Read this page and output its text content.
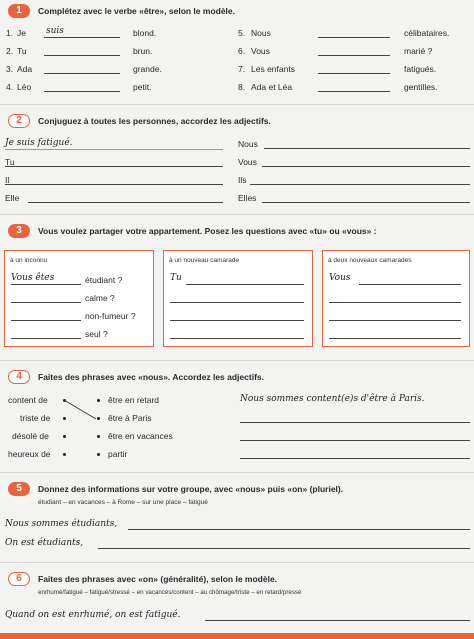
1	Complétez avec le verbe «être», selon le modèle.
1. Je suis	blond.
2. Tu	brun.
3. Ada	grande.
4. Léo	petit.
5. Nous	célibataires.
6. Vous	marié ?
7. Les enfants	fatigués.
8. Ada et Léa	gentilles.
2	Conjuguez à toutes les personnes, accordez les adjectifs.
Je suis fatigué.
Tu
Il
Elle
Nous
Vous
Ils
Elles
3	Vous voulez partager votre appartement. Posez les questions avec «tu» ou «vous» :
à un inconnu
Vous êtes	étudiant ?
calme ?
non-fumeur ?
seul ?
à un nouveau camarade
Tu
à deux nouveaux camarades
Vous
4	Faites des phrases avec «nous». Accordez les adjectifs.
content de
triste de
désolé de
heureux de
être en retard
être à Paris
être en vacances
partir
Nous sommes content(e)s d'être à Paris.
5	Donnez des informations sur votre groupe, avec «nous» puis «on» (pluriel).
étudiant – en vacances – à Rome – sur une place – fatigué
Nous sommes étudiants,
On est étudiants,
6	Faites des phrases avec «on» (généralité), selon le modèle.
enrhumé/fatigué – fatigué/stressé – en vacances/content – au chômage/triste – en retard/pressé
Quand on est enrhumé, on est fatigué.
